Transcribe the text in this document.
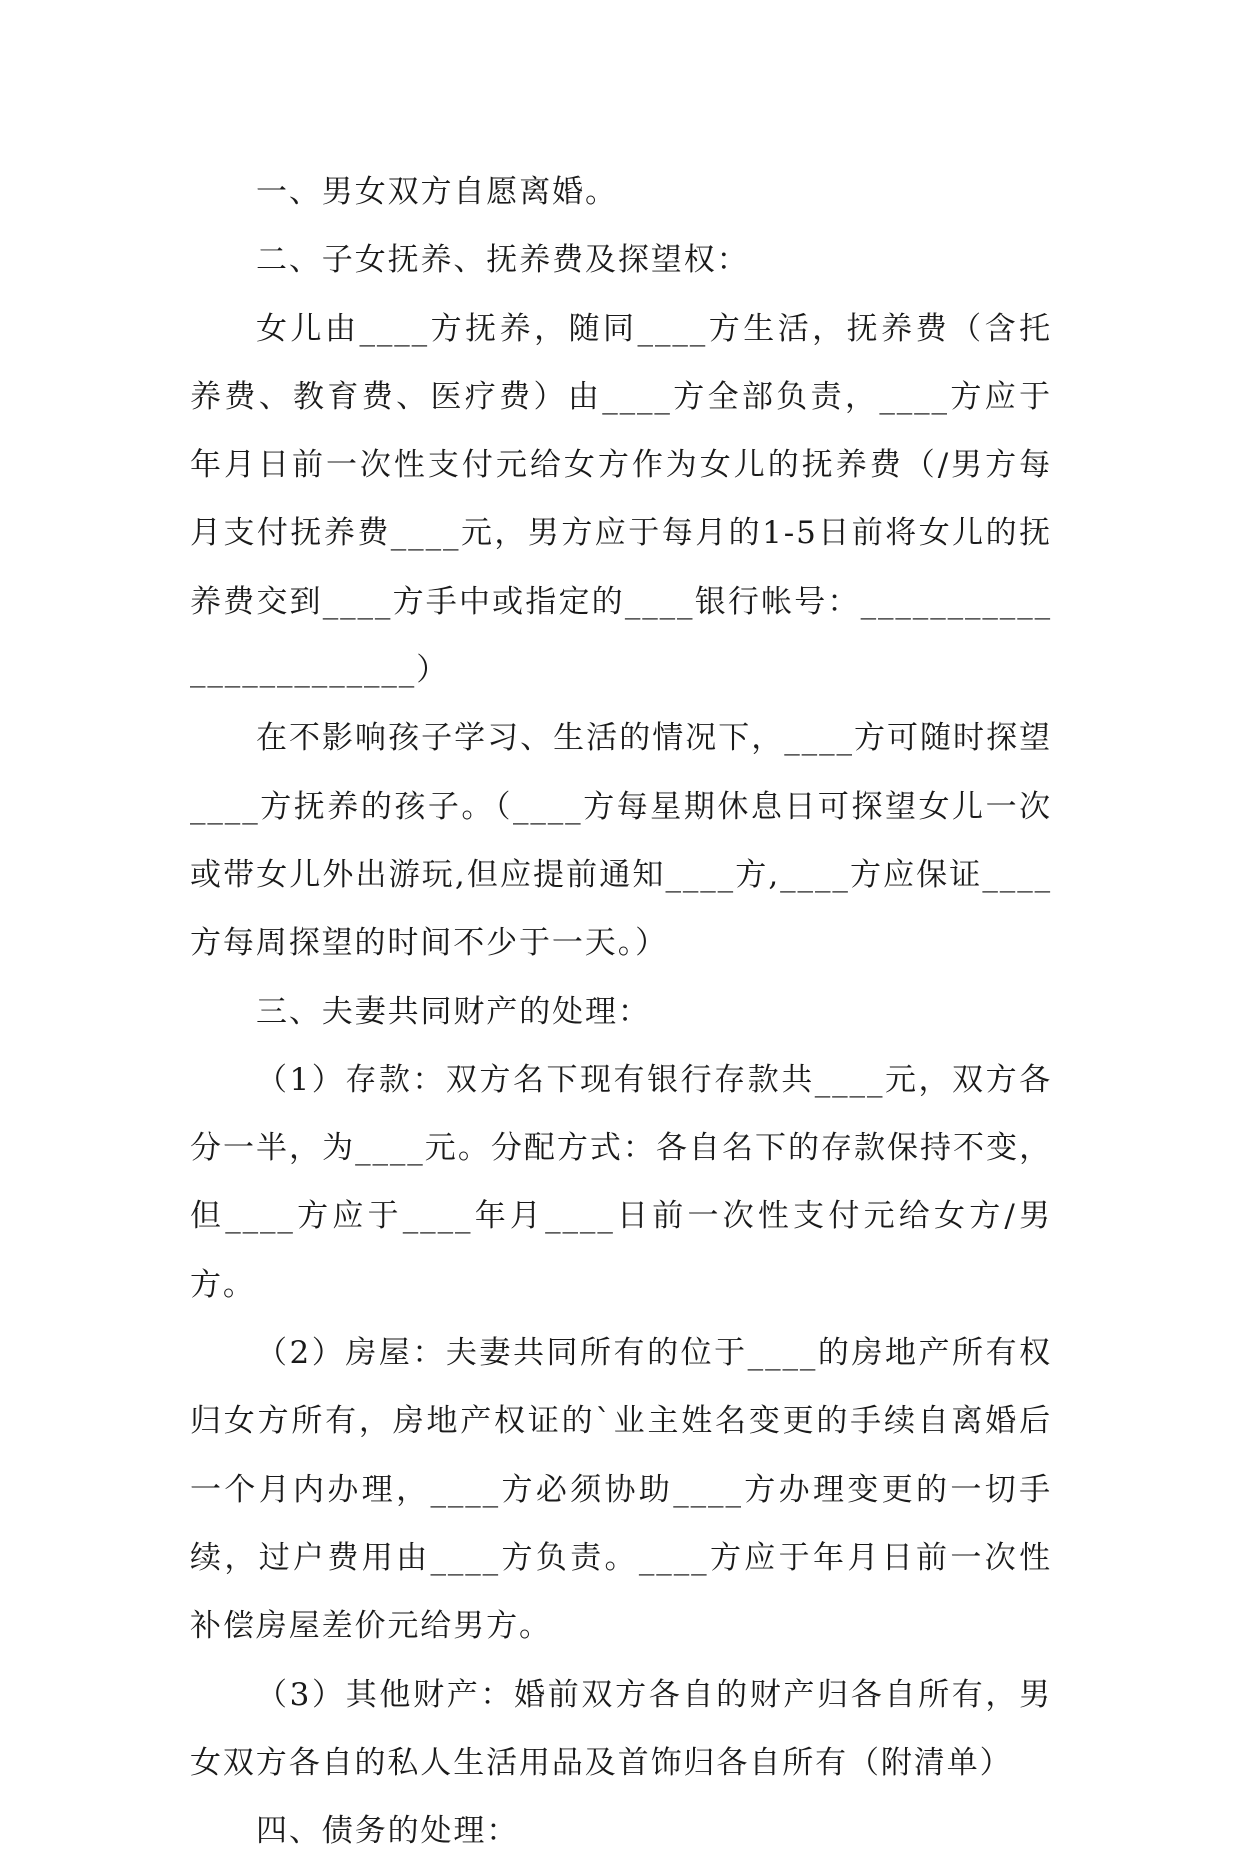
一、男女双方自愿离婚。

二、子女抚养、抚养费及探望权：

女儿由____方抚养，随同____方生活，抚养费（含托养费、教育费、医疗费）由____方全部负责，____方应于年月日前一次性支付元给女方作为女儿的抚养费（/男方每月支付抚养费____元，男方应于每月的1-5日前将女儿的抚养费交到____方手中或指定的____银行帐号：________________________）

在不影响孩子学习、生活的情况下，____方可随时探望____方抚养的孩子。（____方每星期休息日可探望女儿一次或带女儿外出游玩,但应提前通知____方,____方应保证____方每周探望的时间不少于一天。）

三、夫妻共同财产的处理：

（1）存款：双方名下现有银行存款共____元，双方各分一半，为____元。分配方式：各自名下的存款保持不变，但____方应于____年月____日前一次性支付元给女方/男方。

（2）房屋：夫妻共同所有的位于____的房地产所有权归女方所有，房地产权证的`业主姓名变更的手续自离婚后一个月内办理，____方必须协助____方办理变更的一切手续，过户费用由____方负责。____方应于年月日前一次性补偿房屋差价元给男方。

（3）其他财产：婚前双方各自的财产归各自所有，男女双方各自的私人生活用品及首饰归各自所有（附清单）

四、债务的处理：
